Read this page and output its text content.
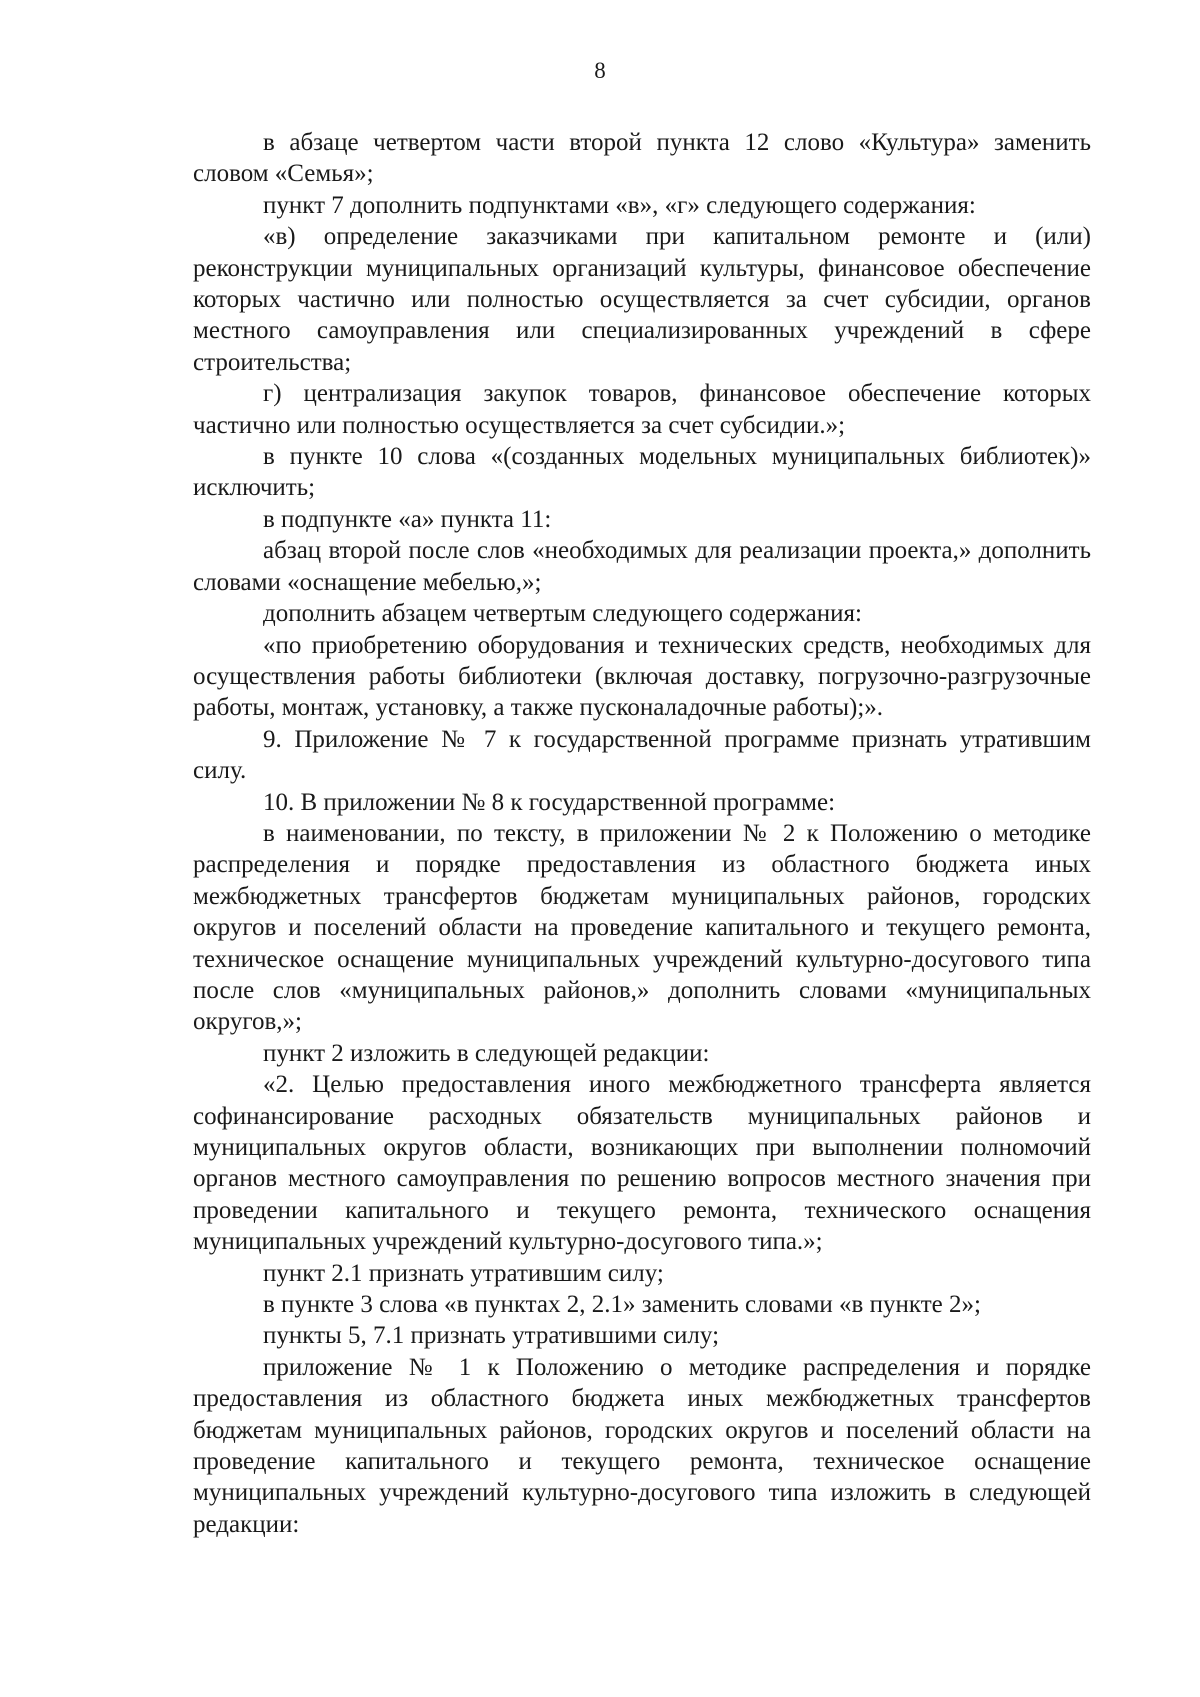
8

в абзаце четвертом части второй пункта 12 слово «Культура» заменить словом «Семья»;

пункт 7 дополнить подпунктами «в», «г» следующего содержания:

«в) определение заказчиками при капитальном ремонте и (или) реконструкции муниципальных организаций культуры, финансовое обеспечение которых частично или полностью осуществляется за счет субсидии, органов местного самоуправления или специализированных учреждений в сфере строительства;

г) централизация закупок товаров, финансовое обеспечение которых частично или полностью осуществляется за счет субсидии.»;

в пункте 10 слова «(созданных модельных муниципальных библиотек)» исключить;

в подпункте «а» пункта 11:

абзац второй после слов «необходимых для реализации проекта,» дополнить словами «оснащение мебелью,»;

дополнить абзацем четвертым следующего содержания:

«по приобретению оборудования и технических средств, необходимых для осуществления работы библиотеки (включая доставку, погрузочно-разгрузочные работы, монтаж, установку, а также пусконаладочные работы);».

9. Приложение № 7 к государственной программе признать утратившим силу.

10. В приложении № 8 к государственной программе:

в наименовании, по тексту, в приложении № 2 к Положению о методике распределения и порядке предоставления из областного бюджета иных межбюджетных трансфертов бюджетам муниципальных районов, городских округов и поселений области на проведение капитального и текущего ремонта, техническое оснащение муниципальных учреждений культурно-досугового типа после слов «муниципальных районов,» дополнить словами «муниципальных округов,»;

пункт 2 изложить в следующей редакции:

«2. Целью предоставления иного межбюджетного трансферта является софинансирование расходных обязательств муниципальных районов и муниципальных округов области, возникающих при выполнении полномочий органов местного самоуправления по решению вопросов местного значения при проведении капитального и текущего ремонта, технического оснащения муниципальных учреждений культурно-досугового типа.»;

пункт 2.1 признать утратившим силу;

в пункте 3 слова «в пунктах 2, 2.1» заменить словами «в пункте 2»;

пункты 5, 7.1 признать утратившими силу;

приложение № 1 к Положению о методике распределения и порядке предоставления из областного бюджета иных межбюджетных трансфертов бюджетам муниципальных районов, городских округов и поселений области на проведение капитального и текущего ремонта, техническое оснащение муниципальных учреждений культурно-досугового типа изложить в следующей редакции:
